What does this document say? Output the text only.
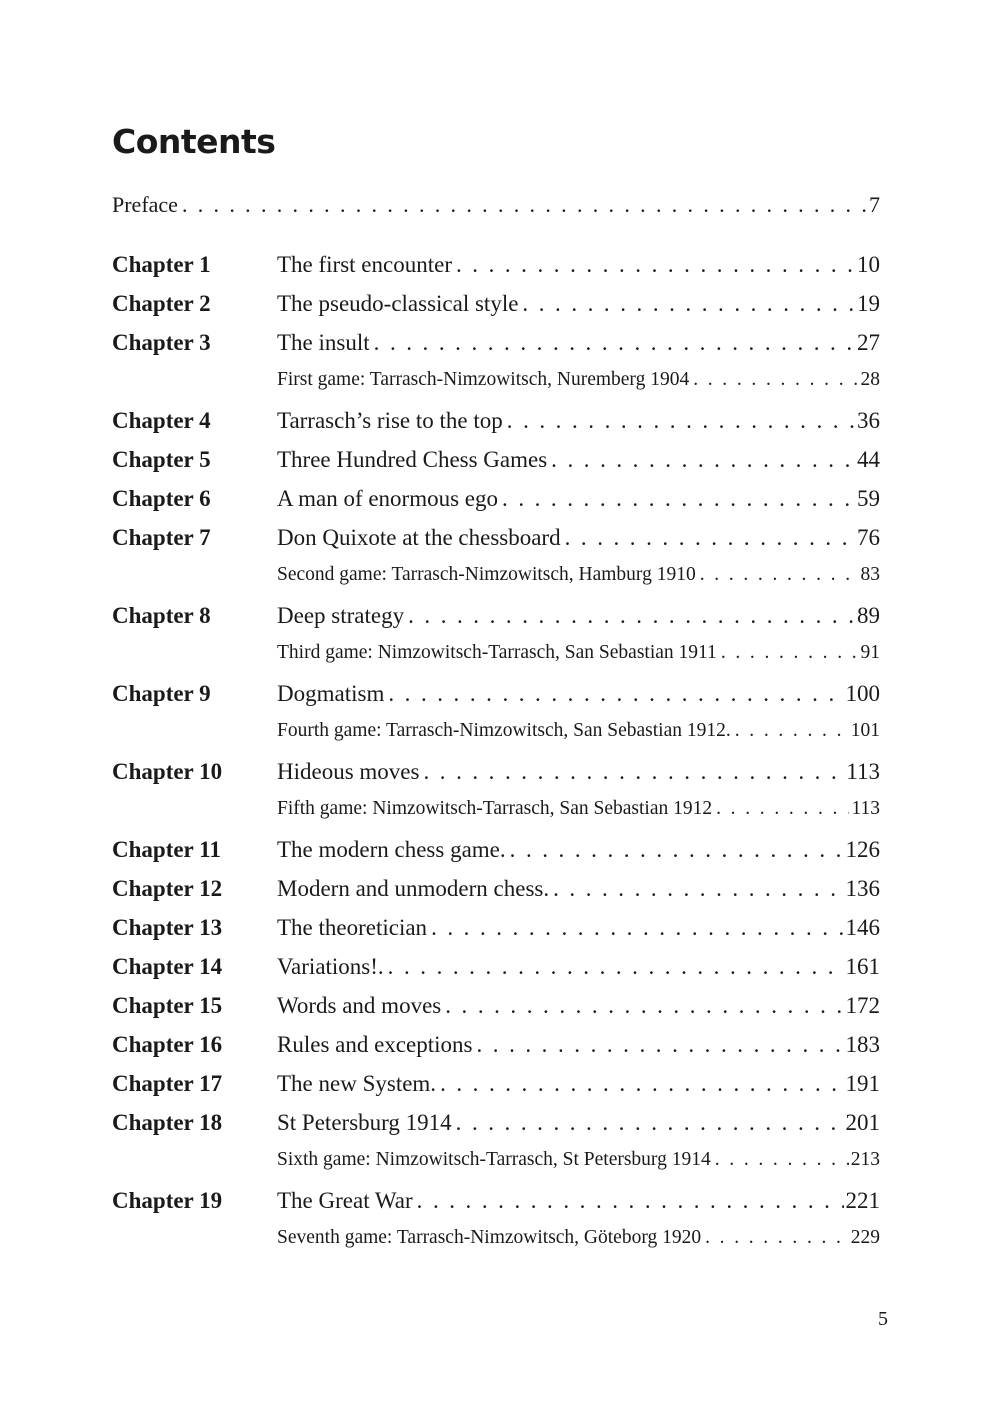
Contents
Preface . . .	7
Chapter 1	The first encounter . . .	10
Chapter 2	The pseudo-classical style . . .	19
Chapter 3	The insult . . .	27
First game: Tarrasch-Nimzowitsch, Nuremberg 1904 . . .	28
Chapter 4	Tarrasch’s rise to the top . . .	36
Chapter 5	Three Hundred Chess Games . . .	44
Chapter 6	A man of enormous ego . . .	59
Chapter 7	Don Quixote at the chessboard . . .	76
Second game: Tarrasch-Nimzowitsch, Hamburg 1910 . . .	83
Chapter 8	Deep strategy . . .	89
Third game: Nimzowitsch-Tarrasch, San Sebastian 1911 . . .	91
Chapter 9	Dogmatism . . .	100
Fourth game: Tarrasch-Nimzowitsch, San Sebastian 1912. . . .	101
Chapter 10	Hideous moves . . .	113
Fifth game: Nimzowitsch-Tarrasch, San Sebastian 1912 . . .	113
Chapter 11	The modern chess game. . . .	126
Chapter 12	Modern and unmodern chess. . . .	136
Chapter 13	The theoretician . . .	146
Chapter 14	Variations!. . . .	161
Chapter 15	Words and moves . . .	172
Chapter 16	Rules and exceptions . . .	183
Chapter 17	The new System. . . .	191
Chapter 18	St Petersburg 1914 . . .	201
Sixth game: Nimzowitsch-Tarrasch, St Petersburg 1914 . . .	213
Chapter 19	The Great War . . .	221
Seventh game: Tarrasch-Nimzowitsch, Göteborg 1920 . . .	229
5
